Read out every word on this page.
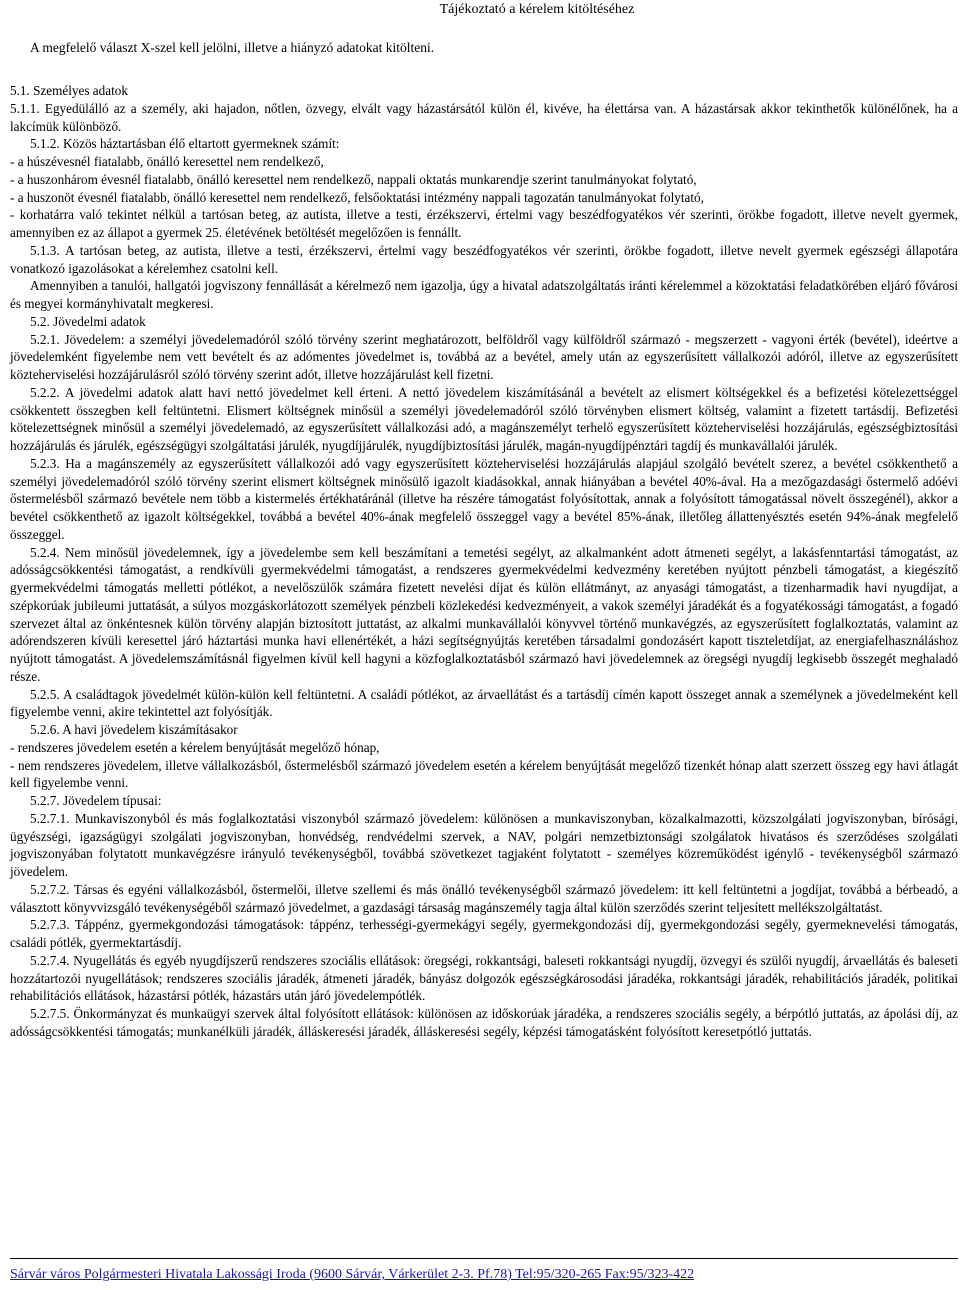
Tájékoztató a kérelem kitöltéséhez
A megfelelő választ X-szel kell jelölni, illetve a hiányzó adatokat kitölteni.

5.1. Személyes adatok

5.1.1. Egyedülálló az a személy, aki hajadon, nőtlen, özvegy, elvált vagy házastársától külön él, kivéve, ha élettársa van. A házastársak akkor tekinthetők különélőnek, ha a lakcímük különböző.

5.1.2. Közös háztartásban élő eltartott gyermeknek számít:

- a húszévesnél fiatalabb, önálló keresettel nem rendelkező,

- a huszonhárom évesnél fiatalabb, önálló keresettel nem rendelkező, nappali oktatás munkarendje szerint tanulmányokat folytató,

- a huszonöt évesnél fiatalabb, önálló keresettel nem rendelkező, felsőoktatási intézmény nappali tagozatán tanulmányokat folytató,

- korhatárra való tekintet nélkül a tartósan beteg, az autista, illetve a testi, érzékszervi, értelmi vagy beszédfogyatékos vér szerinti, örökbe fogadott, illetve nevelt gyermek, amennyiben ez az állapot a gyermek 25. életévének betöltését megelőzően is fennállt.

5.1.3. A tartósan beteg, az autista, illetve a testi, érzékszervi, értelmi vagy beszédfogyatékos vér szerinti, örökbe fogadott, illetve nevelt gyermek egészségi állapotára vonatkozó igazolásokat a kérelemhez csatolni kell.

Amennyiben a tanulói, hallgatói jogviszony fennállását a kérelmező nem igazolja, úgy a hivatal adatszolgáltatás iránti kérelemmel a közoktatási feladatkörében eljáró fővárosi és megyei kormányhivatalt megkeresi.

5.2. Jövedelmi adatok

5.2.1. Jövedelem: a személyi jövedelemadóról szóló törvény szerint meghatározott, belföldről vagy külföldről származó - megszerzett - vagyoni érték (bevétel), ideértve a jövedelemként figyelembe nem vett bevételt és az adómentes jövedelmet is, továbbá az a bevétel, amely után az egyszerűsített vállalkozói adóról, illetve az egyszerűsített közteherviselési hozzájárulásról szóló törvény szerint adót, illetve hozzájárulást kell fizetni.

5.2.2. A jövedelmi adatok alatt havi nettó jövedelmet kell érteni. A nettó jövedelem kiszámításánál a bevételt az elismert költségekkel és a befizetési kötelezettséggel csökkentett összegben kell feltüntetni. Elismert költségnek minősül a személyi jövedelemadóról szóló törvényben elismert költség, valamint a fizetett tartásdíj. Befizetési kötelezettségnek minősül a személyi jövedelemadó, az egyszerűsített vállalkozási adó, a magánszemélyt terhelő egyszerűsített közteherviselési hozzájárulás, egészségbiztosítási hozzájárulás és járulék, egészségügyi szolgáltatási járulék, nyugdíjjárulék, nyugdíjbiztosítási járulék, magán-nyugdíjpénztári tagdíj és munkavállalói járulék.

5.2.3. Ha a magánszemély az egyszerűsített vállalkozói adó vagy egyszerűsített közteherviselési hozzájárulás alapjául szolgáló bevételt szerez, a bevétel csökkenthető a személyi jövedelemadóról szóló törvény szerint elismert költségnek minősülő igazolt kiadásokkal, annak hiányában a bevétel 40%-ával. Ha a mezőgazdasági őstermelő adóévi őstermelésből származó bevétele nem több a kistermelés értékhatáránál (illetve ha részére támogatást folyósítottak, annak a folyósított támogatással növelt összegénél), akkor a bevétel csökkenthető az igazolt költségekkel, továbbá a bevétel 40%-ának megfelelő összeggel vagy a bevétel 85%-ának, illetőleg állattenyésztés esetén 94%-ának megfelelő összeggel.

5.2.4. Nem minősül jövedelemnek, így a jövedelembe sem kell beszámítani a temetési segélyt, az alkalmanként adott átmeneti segélyt, a lakásfenntartási támogatást, az adósságcsökkentési támogatást, a rendkívüli gyermekvédelmi támogatást, a rendszeres gyermekvédelmi kedvezmény keretében nyújtott pénzbeli támogatást, a kiegészítő gyermekvédelmi támogatás melletti pótlékot, a nevelőszülők számára fizetett nevelési díjat és külön ellátmányt, az anyasági támogatást, a tizenharmadik havi nyugdíjat, a szépkorúak jubileumi juttatását, a súlyos mozgáskorlátozott személyek pénzbeli közlekedési kedvezményeit, a vakok személyi járadékát és a fogyatékossági támogatást, a fogadó szervezet által az önkéntesnek külön törvény alapján biztosított juttatást, az alkalmi munkavállalói könyvvel történő munkavégzés, az egyszerűsített foglalkoztatás, valamint az adórendszeren kívüli keresettel járó háztartási munka havi ellenértékét, a házi segítségnyújtás keretében társadalmi gondozásért kapott tiszteletdíjat, az energiafelhasználáshoz nyújtott támogatást. A jövedelemszámításnál figyelmen kívül kell hagyni a közfoglalkoztatásból származó havi jövedelemnek az öregségi nyugdíj legkisebb összegét meghaladó része.

5.2.5. A családtagok jövedelmét külön-külön kell feltüntetni. A családi pótlékot, az árvaellátást és a tartásdíj címén kapott összeget annak a személynek a jövedelmeként kell figyelembe venni, akire tekintettel azt folyósítják.

5.2.6. A havi jövedelem kiszámításakor

- rendszeres jövedelem esetén a kérelem benyújtását megelőző hónap,

- nem rendszeres jövedelem, illetve vállalkozásból, őstermelésből származó jövedelem esetén a kérelem benyújtását megelőző tizenkét hónap alatt szerzett összeg egy havi átlagát kell figyelembe venni.

5.2.7. Jövedelem típusai:

5.2.7.1. Munkaviszonyból és más foglalkoztatási viszonyból származó jövedelem: különösen a munkaviszonyban, közalkalmazotti, közszolgálati jogviszonyban, bírósági, ügyészségi, igazságügyi szolgálati jogviszonyban, honvédség, rendvédelmi szervek, a NAV, polgári nemzetbiztonsági szolgálatok hivatásos és szerződéses szolgálati jogviszonyában folytatott munkavégzésre irányuló tevékenységből, továbbá szövetkezet tagjaként folytatott - személyes közreműködést igénylő - tevékenységből származó jövedelem.

5.2.7.2. Társas és egyéni vállalkozásból, őstermelői, illetve szellemi és más önálló tevékenységből származó jövedelem: itt kell feltüntetni a jogdíjat, továbbá a bérbeadó, a választott könyvvizsgáló tevékenységéből származó jövedelmet, a gazdasági társaság magánszemély tagja által külön szerződés szerint teljesített mellékszolgáltatást.

5.2.7.3. Táppénz, gyermekgondozási támogatások: táppénz, terhességi-gyermekágyi segély, gyermekgondozási díj, gyermekgondozási segély, gyermeknevelési támogatás, családi pótlék, gyermektartásdíj.

5.2.7.4. Nyugellátás és egyéb nyugdíjszerű rendszeres szociális ellátások: öregségi, rokkantsági, baleseti rokkantsági nyugdíj, özvegyi és szülői nyugdíj, árvaellátás és baleseti hozzátartozói nyugellátások; rendszeres szociális járadék, átmeneti járadék, bányász dolgozók egészségkárosodási járadéka, rokkantsági járadék, rehabilitációs járadék, politikai rehabilitációs ellátások, házastársi pótlék, házastárs után járó jövedelempótlék.

5.2.7.5. Önkormányzat és munkaügyi szervek által folyósított ellátások: különösen az időskorúak járadéka, a rendszeres szociális segély, a bérpótló juttatás, az ápolási díj, az adósságcsökkentési támogatás; munkanélküli járadék, álláskeresési járadék, álláskeresési segély, képzési támogatásként folyósított keresetpótló juttatás.

Sárvár város Polgármesteri Hivatala Lakossági Iroda (9600 Sárvár, Várkerület 2-3. Pf.78) Tel:95/320-265 Fax:95/323-422
